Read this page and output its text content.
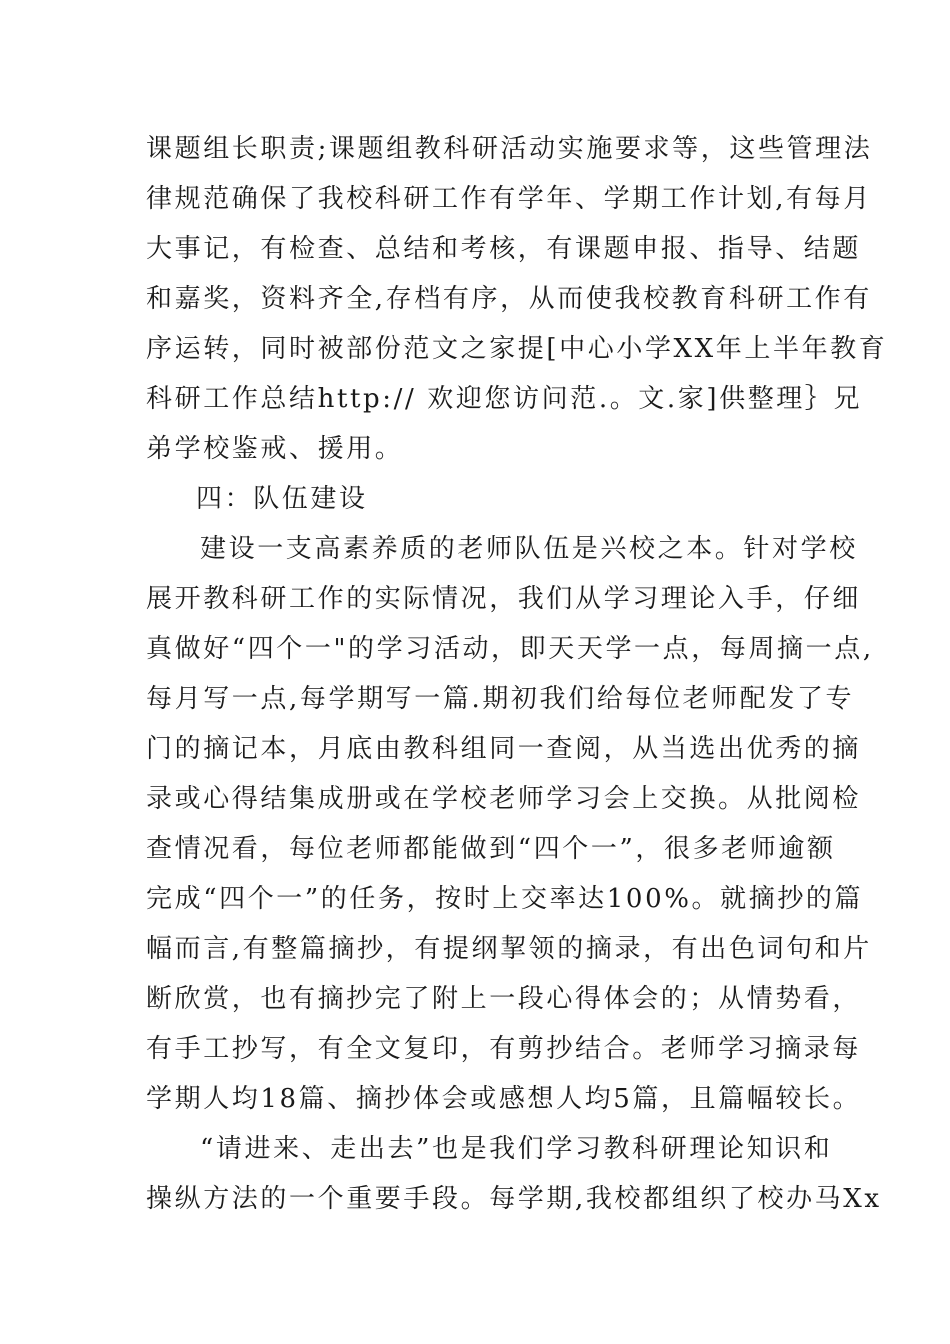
课题组长职责;课题组教科研活动实施要求等，这些管理法
律规范确保了我校科研工作有学年、学期工作计划,有每月
大事记，有检查、总结和考核，有课题申报、指导、结题
和嘉奖，资料齐全,存档有序，从而使我校教育科研工作有
序运转，同时被部份范文之家提[中心小学XX年上半年教育
科研工作总结http:// 欢迎您访问范.。文.家]供整理｝兄
弟学校鉴戒、援用。
四：队伍建设
建设一支高素养质的老师队伍是兴校之本。针对学校
展开教科研工作的实际情况，我们从学习理论入手，仔细
真做好“四个一"的学习活动，即天天学一点，每周摘一点,
每月写一点,每学期写一篇.期初我们给每位老师配发了专
门的摘记本，月底由教科组同一查阅，从当选出优秀的摘
录或心得结集成册或在学校老师学习会上交换。从批阅检
查情况看，每位老师都能做到“四个一”，很多老师逾额
完成“四个一”的任务，按时上交率达100%。就摘抄的篇
幅而言,有整篇摘抄，有提纲挈领的摘录，有出色词句和片
断欣赏，也有摘抄完了附上一段心得体会的；从情势看，
有手工抄写，有全文复印，有剪抄结合。老师学习摘录每
学期人均18篇、摘抄体会或感想人均5篇，且篇幅较长。
“请进来、走出去”也是我们学习教科研理论知识和
操纵方法的一个重要手段。每学期,我校都组织了校办马Xx
